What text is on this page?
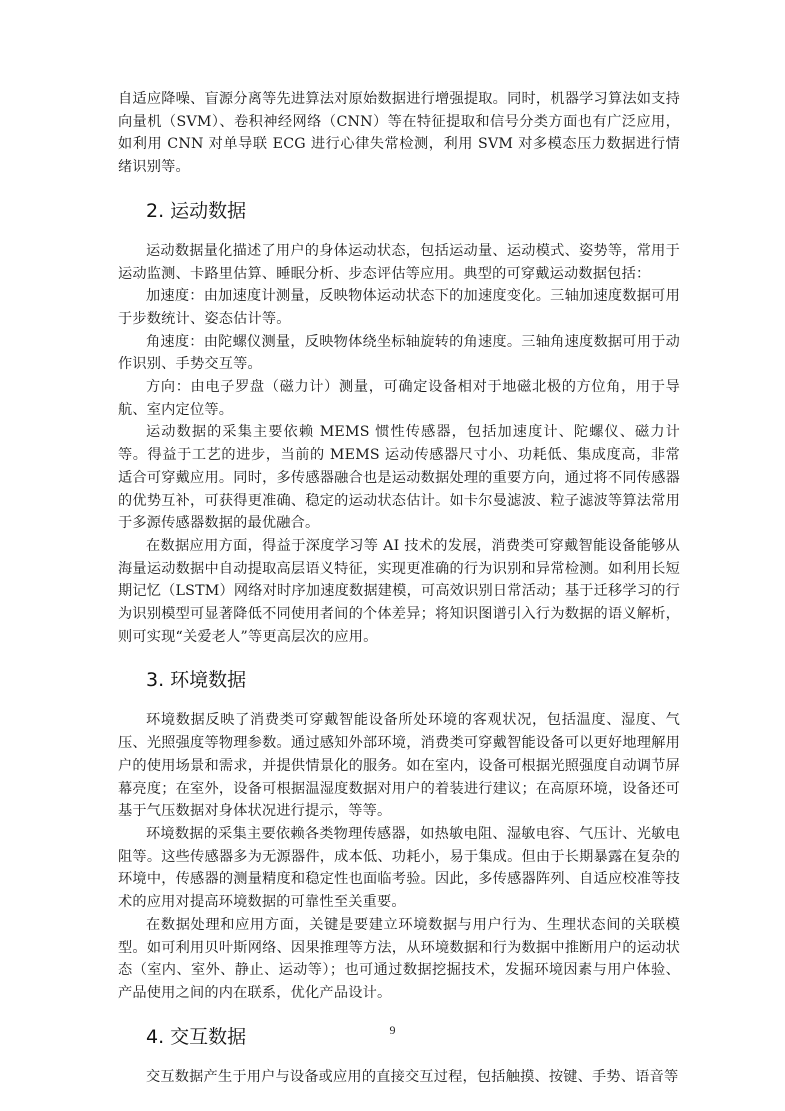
自适应降噪、盲源分离等先进算法对原始数据进行增强提取。同时，机器学习算法如支持向量机（SVM）、卷积神经网络（CNN）等在特征提取和信号分类方面也有广泛应用，如利用 CNN 对单导联 ECG 进行心律失常检测，利用 SVM 对多模态压力数据进行情绪识别等。

2. 运动数据

运动数据量化描述了用户的身体运动状态，包括运动量、运动模式、姿势等，常用于运动监测、卡路里估算、睡眠分析、步态评估等应用。典型的可穿戴运动数据包括：

加速度：由加速度计测量，反映物体运动状态下的加速度变化。三轴加速度数据可用于步数统计、姿态估计等。

角速度：由陀螺仪测量，反映物体绕坐标轴旋转的角速度。三轴角速度数据可用于动作识别、手势交互等。

方向：由电子罗盘（磁力计）测量，可确定设备相对于地磁北极的方位角，用于导航、室内定位等。

运动数据的采集主要依赖 MEMS 惯性传感器，包括加速度计、陀螺仪、磁力计等。得益于工艺的进步，当前的 MEMS 运动传感器尺寸小、功耗低、集成度高，非常适合可穿戴应用。同时，多传感器融合也是运动数据处理的重要方向，通过将不同传感器的优势互补，可获得更准确、稳定的运动状态估计。如卡尔曼滤波、粒子滤波等算法常用于多源传感器数据的最优融合。

在数据应用方面，得益于深度学习等 AI 技术的发展，消费类可穿戴智能设备能够从海量运动数据中自动提取高层语义特征，实现更准确的行为识别和异常检测。如利用长短期记忆（LSTM）网络对时序加速度数据建模，可高效识别日常活动；基于迁移学习的行为识别模型可显著降低不同使用者间的个体差异；将知识图谱引入行为数据的语义解析，则可实现“关爱老人”等更高层次的应用。

3. 环境数据

环境数据反映了消费类可穿戴智能设备所处环境的客观状况，包括温度、湿度、气压、光照强度等物理参数。通过感知外部环境，消费类可穿戴智能设备可以更好地理解用户的使用场景和需求，并提供情景化的服务。如在室内，设备可根据光照强度自动调节屏幕亮度；在室外，设备可根据温湿度数据对用户的着装进行建议；在高原环境，设备还可基于气压数据对身体状况进行提示，等等。

环境数据的采集主要依赖各类物理传感器，如热敏电阻、湿敏电容、气压计、光敏电阻等。这些传感器多为无源器件，成本低、功耗小，易于集成。但由于长期暴露在复杂的环境中，传感器的测量精度和稳定性也面临考验。因此，多传感器阵列、自适应校准等技术的应用对提高环境数据的可靠性至关重要。

在数据处理和应用方面，关键是要建立环境数据与用户行为、生理状态间的关联模型。如可利用贝叶斯网络、因果推理等方法，从环境数据和行为数据中推断用户的运动状态（室内、室外、静止、运动等）；也可通过数据挖掘技术，发掘环境因素与用户体验、产品使用之间的内在联系，优化产品设计。

4. 交互数据

交互数据产生于用户与设备或应用的直接交互过程，包括触摸、按键、手势、语音等

9
